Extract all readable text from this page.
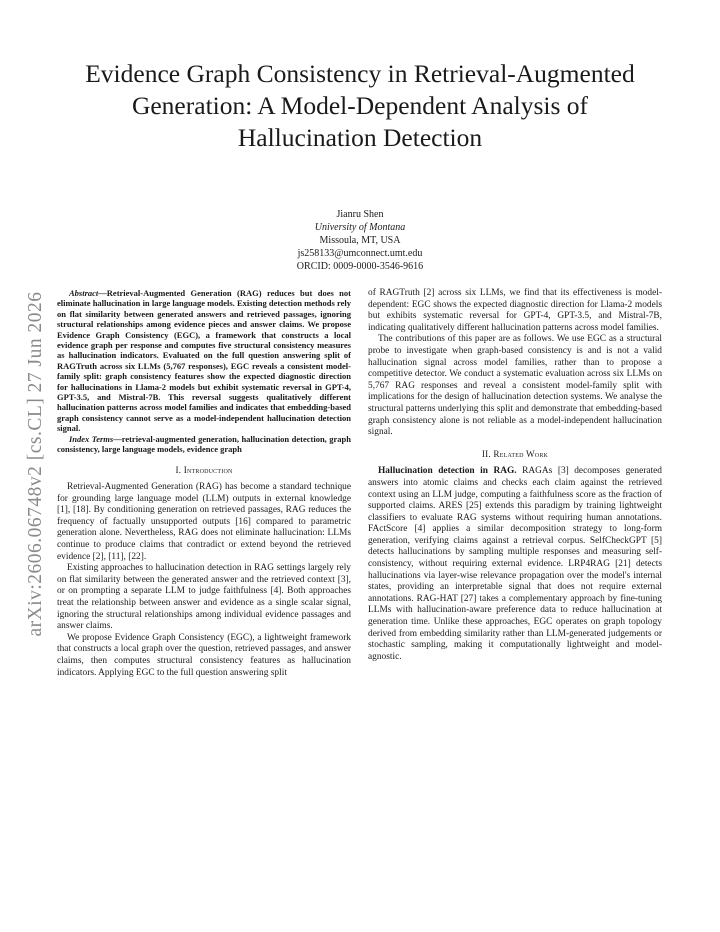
arXiv:2606.06748v2 [cs.CL] 27 Jun 2026
Evidence Graph Consistency in Retrieval-Augmented Generation: A Model-Dependent Analysis of Hallucination Detection
Jianru Shen
University of Montana
Missoula, MT, USA
js258133@umconnect.umt.edu
ORCID: 0009-0000-3546-9616

Abstract—Retrieval-Augmented Generation (RAG) reduces but does not eliminate hallucination in large language models. Existing detection methods rely on flat similarity between generated answers and retrieved passages, ignoring structural relationships among evidence pieces and answer claims. We propose Evidence Graph Consistency (EGC), a framework that constructs a local evidence graph per response and computes five structural consistency measures as hallucination indicators. Evaluated on the full question answering split of RAGTruth across six LLMs (5,767 responses), EGC reveals a consistent model-family split: graph consistency features show the expected diagnostic direction for hallucinations in Llama-2 models but exhibit systematic reversal in GPT-4, GPT-3.5, and Mistral-7B. This reversal suggests qualitatively different hallucination patterns across model families and indicates that embedding-based graph consistency cannot serve as a model-independent hallucination detection signal.

Index Terms—retrieval-augmented generation, hallucination detection, graph consistency, large language models, evidence graph

I. Introduction

Retrieval-Augmented Generation (RAG) has become a standard technique for grounding large language model (LLM) outputs in external knowledge [1], [18]. By conditioning generation on retrieved passages, RAG reduces the frequency of factually unsupported outputs [16] compared to parametric generation alone. Nevertheless, RAG does not eliminate hallucination: LLMs continue to produce claims that contradict or extend beyond the retrieved evidence [2], [11], [22].

Existing approaches to hallucination detection in RAG settings largely rely on flat similarity between the generated answer and the retrieved context [3], or on prompting a separate LLM to judge faithfulness [4]. Both approaches treat the relationship between answer and evidence as a single scalar signal, ignoring the structural relationships among individual evidence passages and answer claims.

We propose Evidence Graph Consistency (EGC), a lightweight framework that constructs a local graph over the question, retrieved passages, and answer claims, then computes structural consistency features as hallucination indicators. Applying EGC to the full question answering split

of RAGTruth [2] across six LLMs, we find that its effectiveness is model-dependent: EGC shows the expected diagnostic direction for Llama-2 models but exhibits systematic reversal for GPT-4, GPT-3.5, and Mistral-7B, indicating qualitatively different hallucination patterns across model families.

The contributions of this paper are as follows. We use EGC as a structural probe to investigate when graph-based consistency is and is not a valid hallucination signal across model families, rather than to propose a competitive detector. We conduct a systematic evaluation across six LLMs on 5,767 RAG responses and reveal a consistent model-family split with implications for the design of hallucination detection systems. We analyse the structural patterns underlying this split and demonstrate that embedding-based graph consistency alone is not reliable as a model-independent hallucination signal.

II. Related Work

Hallucination detection in RAG. RAGAs [3] decomposes generated answers into atomic claims and checks each claim against the retrieved context using an LLM judge, computing a faithfulness score as the fraction of supported claims. ARES [25] extends this paradigm by training lightweight classifiers to evaluate RAG systems without requiring human annotations. FActScore [4] applies a similar decomposition strategy to long-form generation, verifying claims against a retrieval corpus. SelfCheckGPT [5] detects hallucinations by sampling multiple responses and measuring self-consistency, without requiring external evidence. LRP4RAG [21] detects hallucinations via layer-wise relevance propagation over the model's internal states, providing an interpretable signal that does not require external annotations. RAG-HAT [27] takes a complementary approach by fine-tuning LLMs with hallucination-aware preference data to reduce hallucination at generation time. Unlike these approaches, EGC operates on graph topology derived from embedding similarity rather than LLM-generated judgements or stochastic sampling, making it computationally lightweight and model-agnostic.
